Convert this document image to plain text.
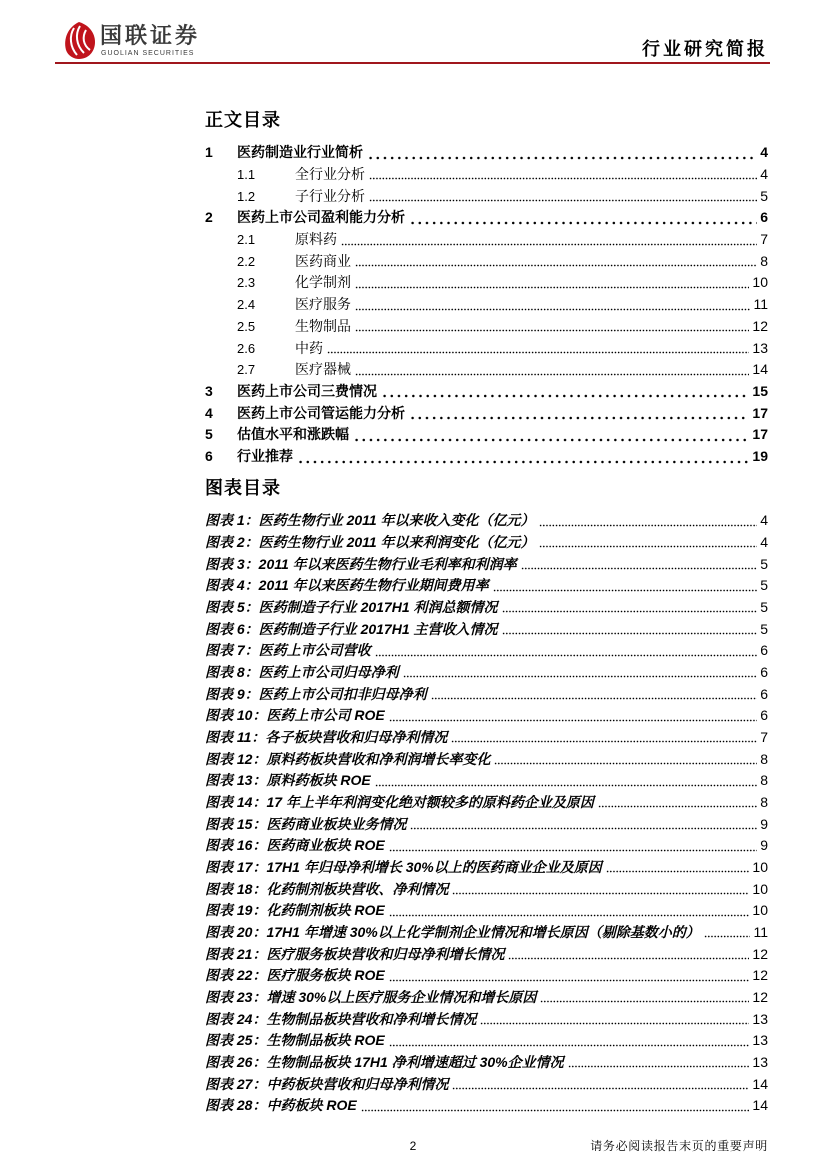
国联证券
GUOLIAN SECURITIES	行业研究简报
正文目录
1	医药制造业行业简析	4
1.1	全行业分析	4
1.2	子行业分析	5
2	医药上市公司盈利能力分析	6
2.1	原料药	7
2.2	医药商业	8
2.3	化学制剂	10
2.4	医疗服务	11
2.5	生物制品	12
2.6	中药	13
2.7	医疗器械	14
3	医药上市公司三费情况	15
4	医药上市公司管运能力分析	17
5	估值水平和涨跌幅	17
6	行业推荐	19
图表目录
图表 1：医药生物行业 2011 年以来收入变化（亿元）	4
图表 2：医药生物行业 2011 年以来利润变化（亿元）	4
图表 3：2011 年以来医药生物行业毛利率和利润率	5
图表 4：2011 年以来医药生物行业期间费用率	5
图表 5：医药制造子行业 2017H1 利润总额情况	5
图表 6：医药制造子行业 2017H1 主营收入情况	5
图表 7：医药上市公司营收	6
图表 8：医药上市公司归母净利	6
图表 9：医药上市公司扣非归母净利	6
图表 10：医药上市公司 ROE	6
图表 11：各子板块营收和归母净利情况	7
图表 12：原料药板块营收和净利润增长率变化	8
图表 13：原料药板块 ROE	8
图表 14：17 年上半年利润变化绝对额较多的原料药企业及原因	8
图表 15：医药商业板块业务情况	9
图表 16：医药商业板块 ROE	9
图表 17：17H1 年归母净利增长 30%以上的医药商业企业及原因	10
图表 18：化药制剂板块营收、净利情况	10
图表 19：化药制剂板块 ROE	10
图表 20：17H1 年增速 30%以上化学制剂企业情况和增长原因（剔除基数小的）	11
图表 21：医疗服务板块营收和归母净利增长情况	12
图表 22：医疗服务板块 ROE	12
图表 23：增速 30%以上医疗服务企业情况和增长原因	12
图表 24：生物制品板块营收和净利增长情况	13
图表 25：生物制品板块 ROE	13
图表 26：生物制品板块 17H1 净利增速超过 30%企业情况	13
图表 27：中药板块营收和归母净利情况	14
图表 28：中药板块 ROE	14
2	请务必阅读报告末页的重要声明
